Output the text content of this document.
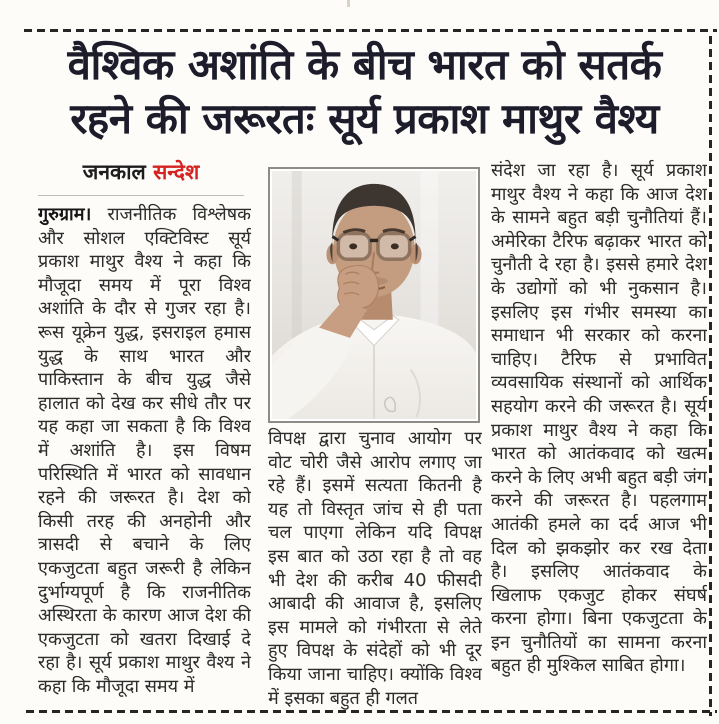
वैश्विक अशांति के बीच भारत को सतर्क
रहने की जरूरतः सूर्य प्रकाश माथुर वैश्य
जनकाल सन्देश

गुरुग्राम। राजनीतिक विश्लेषक और सोशल एक्टिविस्ट सूर्य प्रकाश माथुर वैश्य ने कहा कि मौजूदा समय में पूरा विश्व अशांति के दौर से गुजर रहा है। रूस यूक्रेन युद्ध, इसराइल हमास युद्ध के साथ भारत और पाकिस्तान के बीच युद्ध जैसे हालात को देख कर सीधे तौर पर यह कहा जा सकता है कि विश्व में अशांति है। इस विषम परिस्थिति में भारत को सावधान रहने की जरूरत है। देश को किसी तरह की अनहोनी और त्रासदी से बचाने के लिए एकजुटता बहुत जरूरी है लेकिन दुर्भाग्यपूर्ण है कि राजनीतिक अस्थिरता के कारण आज देश की एकजुटता को खतरा दिखाई दे रहा है। सूर्य प्रकाश माथुर वैश्य ने कहा कि मौजूदा समय में

विपक्ष द्वारा चुनाव आयोग पर वोट चोरी जैसे आरोप लगाए जा रहे हैं। इसमें सत्यता कितनी है यह तो विस्तृत जांच से ही पता चल पाएगा लेकिन यदि विपक्ष इस बात को उठा रहा है तो वह भी देश की करीब 40 फीसदी आबादी की आवाज है, इसलिए इस मामले को गंभीरता से लेते हुए विपक्ष के संदेहों को भी दूर किया जाना चाहिए। क्योंकि विश्व में इसका बहुत ही गलत

संदेश जा रहा है। सूर्य प्रकाश माथुर वैश्य ने कहा कि आज देश के सामने बहुत बड़ी चुनौतियां हैं। अमेरिका टैरिफ बढ़ाकर भारत को चुनौती दे रहा है। इससे हमारे देश के उद्योगों को भी नुकसान है। इसलिए इस गंभीर समस्या का समाधान भी सरकार को करना चाहिए। टैरिफ से प्रभावित व्यवसायिक संस्थानों को आर्थिक सहयोग करने की जरूरत है। सूर्य प्रकाश माथुर वैश्य ने कहा कि भारत को आतंकवाद को खत्म करने के लिए अभी बहुत बड़ी जंग करने की जरूरत है। पहलगाम आतंकी हमले का दर्द आज भी दिल को झकझोर कर रख देता है। इसलिए आतंकवाद के खिलाफ एकजुट होकर संघर्ष करना होगा। बिना एकजुटता के इन चुनौतियों का सामना करना बहुत ही मुश्किल साबित होगा।
